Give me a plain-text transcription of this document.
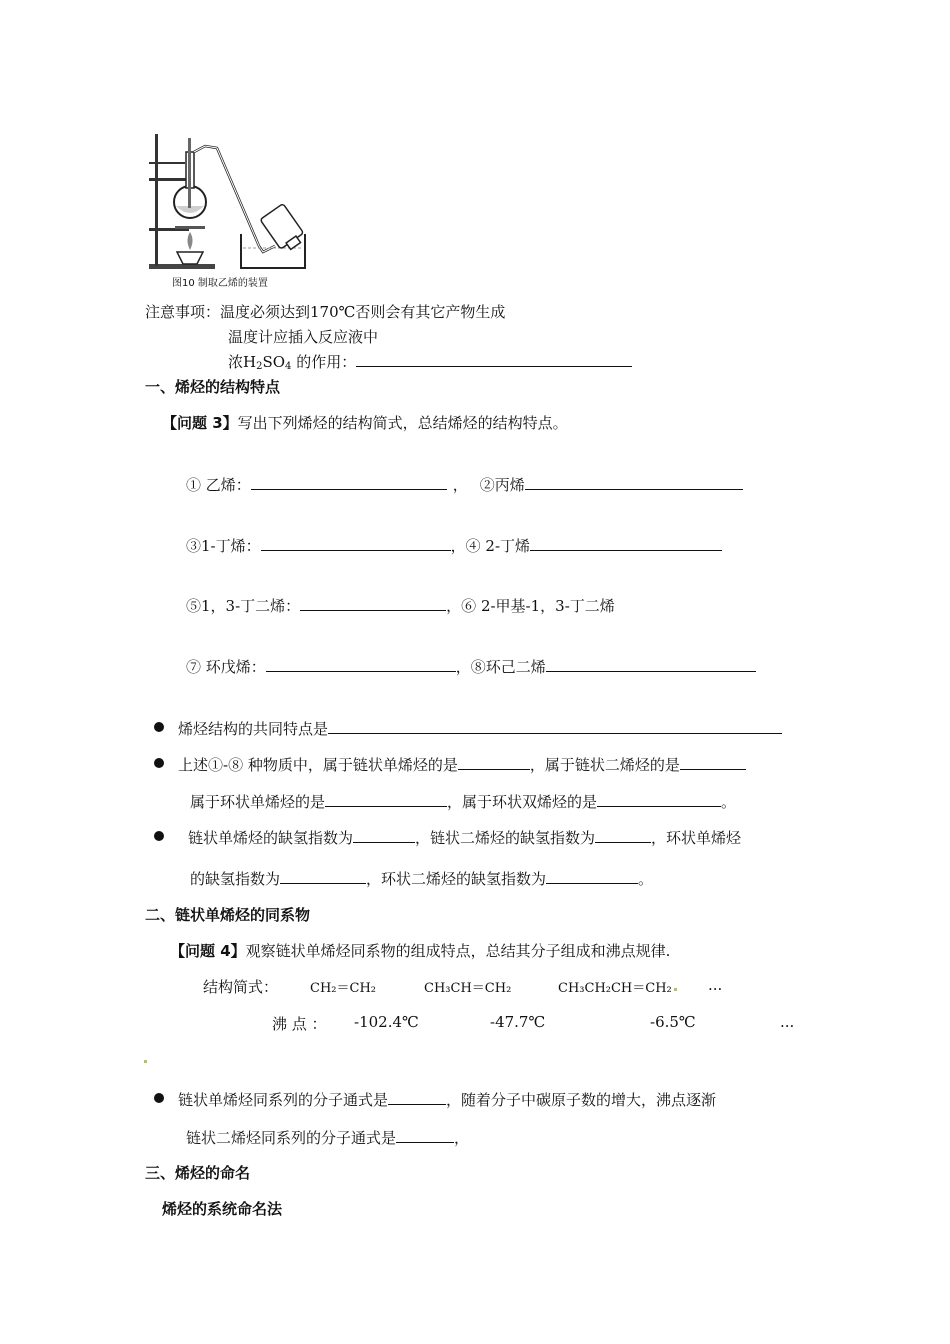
图10 制取乙烯的装置
注意事项：温度必须达到170℃否则会有其它产物生成
温度计应插入反应液中
浓$H_2SO_4$ 的作用：
一、烯烃的结构特点
【问题 3】写出下列烯烃的结构简式，总结烯烃的结构特点。
① 乙烯：	， ②丙烯
③1-丁烯：	，④ 2-丁烯
⑤1，3-丁二烯：	，⑥ 2-甲基-1，3-丁二烯
⑦ 环戊烯：	，⑧环己二烯
烯烃结构的共同特点是
上述①-⑧ 种物质中，属于链状单烯烃的是	，属于链状二烯烃的是
属于环状单烯烃的是	，属于环状双烯烃的是	。
链状单烯烃的缺氢指数为	，链状二烯烃的缺氢指数为	，环状单烯烃
的缺氢指数为	，环状二烯烃的缺氢指数为	。
二、链状单烯烃的同系物
【问题 4】观察链状单烯烃同系物的组成特点，总结其分子组成和沸点规律.
结构简式： CH₂＝CH₂	CH₃CH＝CH₂	CH₃CH₂CH＝CH₂ ...
沸 点 ： -102.4℃	-47.7℃	-6.5℃	...
链状单烯烃同系列的分子通式是	，随着分子中碳原子数的增大，沸点逐渐
链状二烯烃同系列的分子通式是	，
三、烯烃的命名
烯烃的系统命名法
